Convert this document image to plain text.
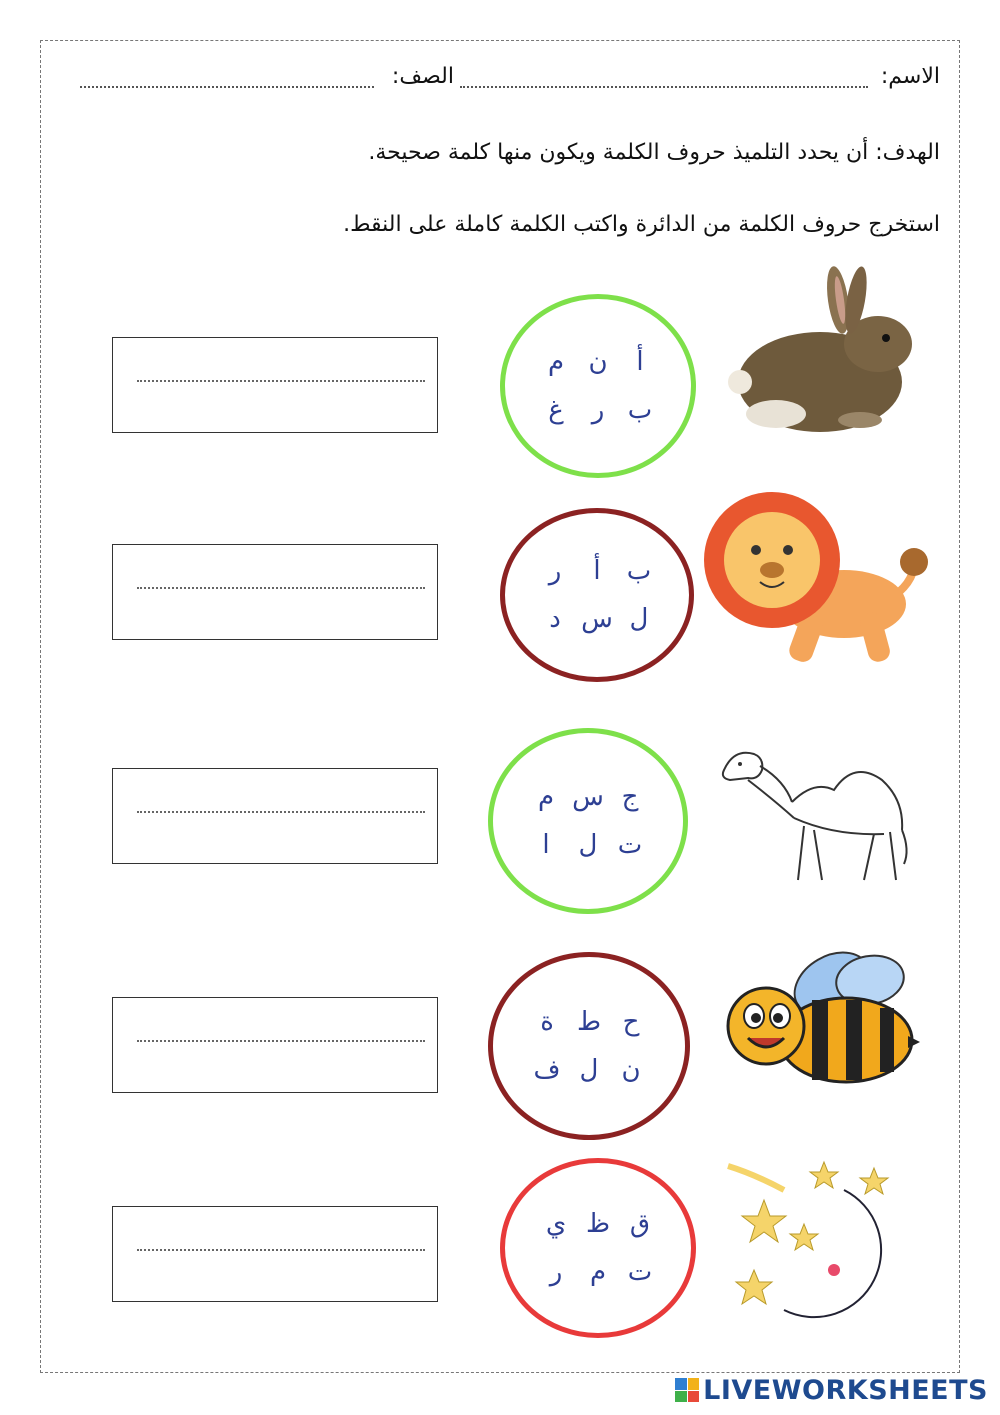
الاسم:
الصف:
الهدف: أن يحدد التلميذ حروف الكلمة ويكون منها كلمة صحيحة.
استخرج حروف الكلمة من الدائرة واكتب الكلمة كاملة على النقط.
أ
ن
م
ب
ر
غ
ب
أ
ر
ل
س
د
ج
س
م
ت
ل
ا
ح
ط
ة
ن
ل
ف
ق
ظ
ي
ت
م
ر
LIVEWORKSHEETS
